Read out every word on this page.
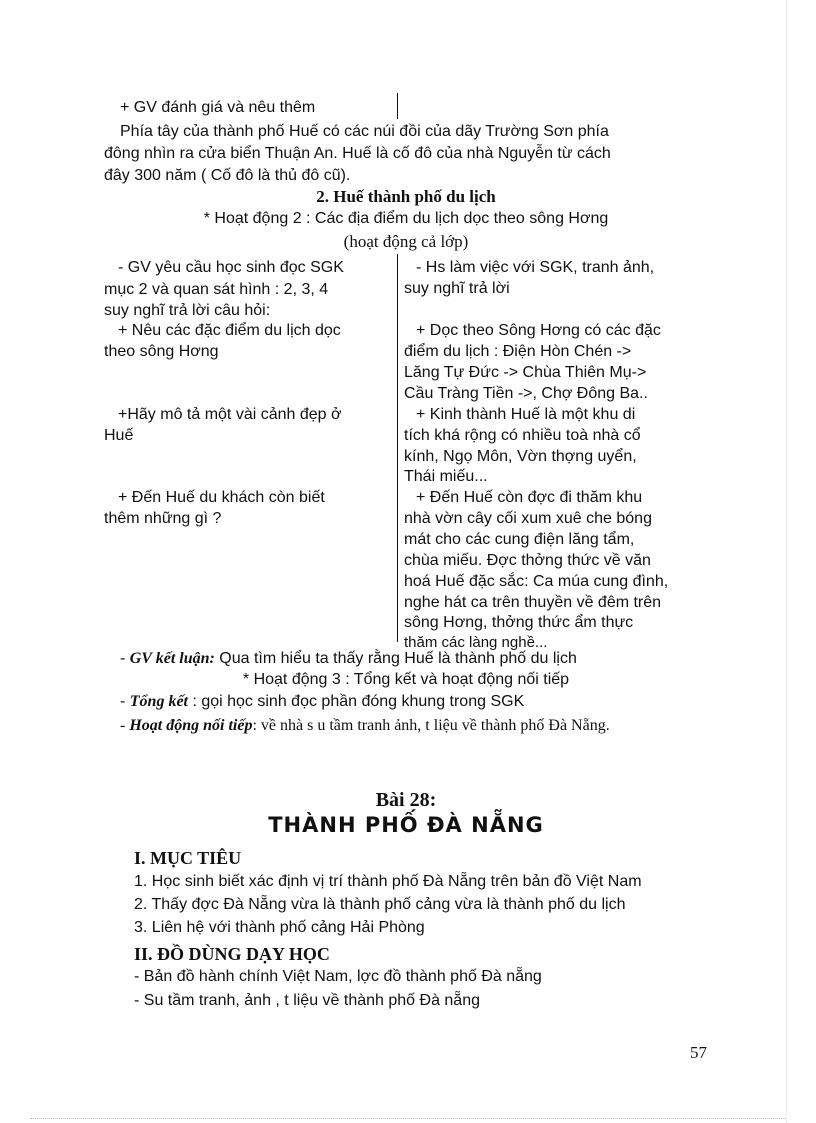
+ GV đánh giá và nêu thêm
Phía tây của thành phố Huế có các núi đồi của dãy Trường Sơn phía
đông nhìn ra cửa biển Thuận An. Huế là cố đô của nhà Nguyễn từ cách
đây 300 năm ( Cố đô là thủ đô cũ).
2. Huế thành phố du lịch
* Hoạt động 2 : Các địa điểm du lịch dọc theo sông Hơng
(hoạt động cả lớp)
- GV yêu cầu học sinh đọc SGK
mục 2 và quan sát hình : 2, 3, 4
suy nghĩ trả lời câu hỏi:
- Hs làm việc với SGK, tranh ảnh,
suy nghĩ trả lời
+ Nêu các đặc điểm du lịch dọc
theo sông Hơng
+ Dọc theo Sông Hơng có các đặc
điểm du lịch : Điện Hòn Chén ->
Lăng Tự Đức -> Chùa Thiên Mụ->
Cầu Tràng Tiền ->, Chợ Đông Ba..
+Hãy mô tả một vài cảnh đẹp ở
Huế
+ Kinh thành Huế là một khu di
tích khá rộng có nhiều toà nhà cổ
kính, Ngọ Môn, Vờn thợng uyển,
Thái miếu...
+ Đến Huế du khách còn biết
thêm những gì ?
+ Đến Huế còn đợc đi thăm khu
nhà vờn cây cối xum xuê che bóng
mát cho các cung điện lăng tẩm,
chùa miếu. Đợc thởng thức về văn
hoá Huế đặc sắc: Ca múa cung đình,
nghe hát ca trên thuyền về đêm trên
sông Hơng, thởng thức ẩm thực
thăm các làng nghề...
- GV kết luận: Qua tìm hiểu ta thấy rằng Huế là thành phố du lịch
* Hoạt động 3 : Tổng kết và hoạt động nối tiếp
- Tổng kết : gọi học sinh đọc phần đóng khung trong SGK
- Hoạt động nối tiếp: về nhà s u tầm tranh ảnh, t liệu về thành phố Đà Nẵng.
Bài 28:
THÀNH PHỐ ĐÀ NẴNG
I. MỤC TIÊU
1. Học sinh biết xác định vị trí thành phố Đà Nẵng trên bản đồ Việt Nam
2. Thấy đợc Đà Nẵng vừa là thành phố cảng vừa là thành phố du lịch
3. Liên hệ với thành phố cảng Hải Phòng
II. ĐỒ DÙNG DẠY HỌC
- Bản đồ hành chính Việt Nam, lợc đồ thành phố Đà nẵng
- Su tầm tranh, ảnh , t liệu về thành phố Đà nẵng
57
